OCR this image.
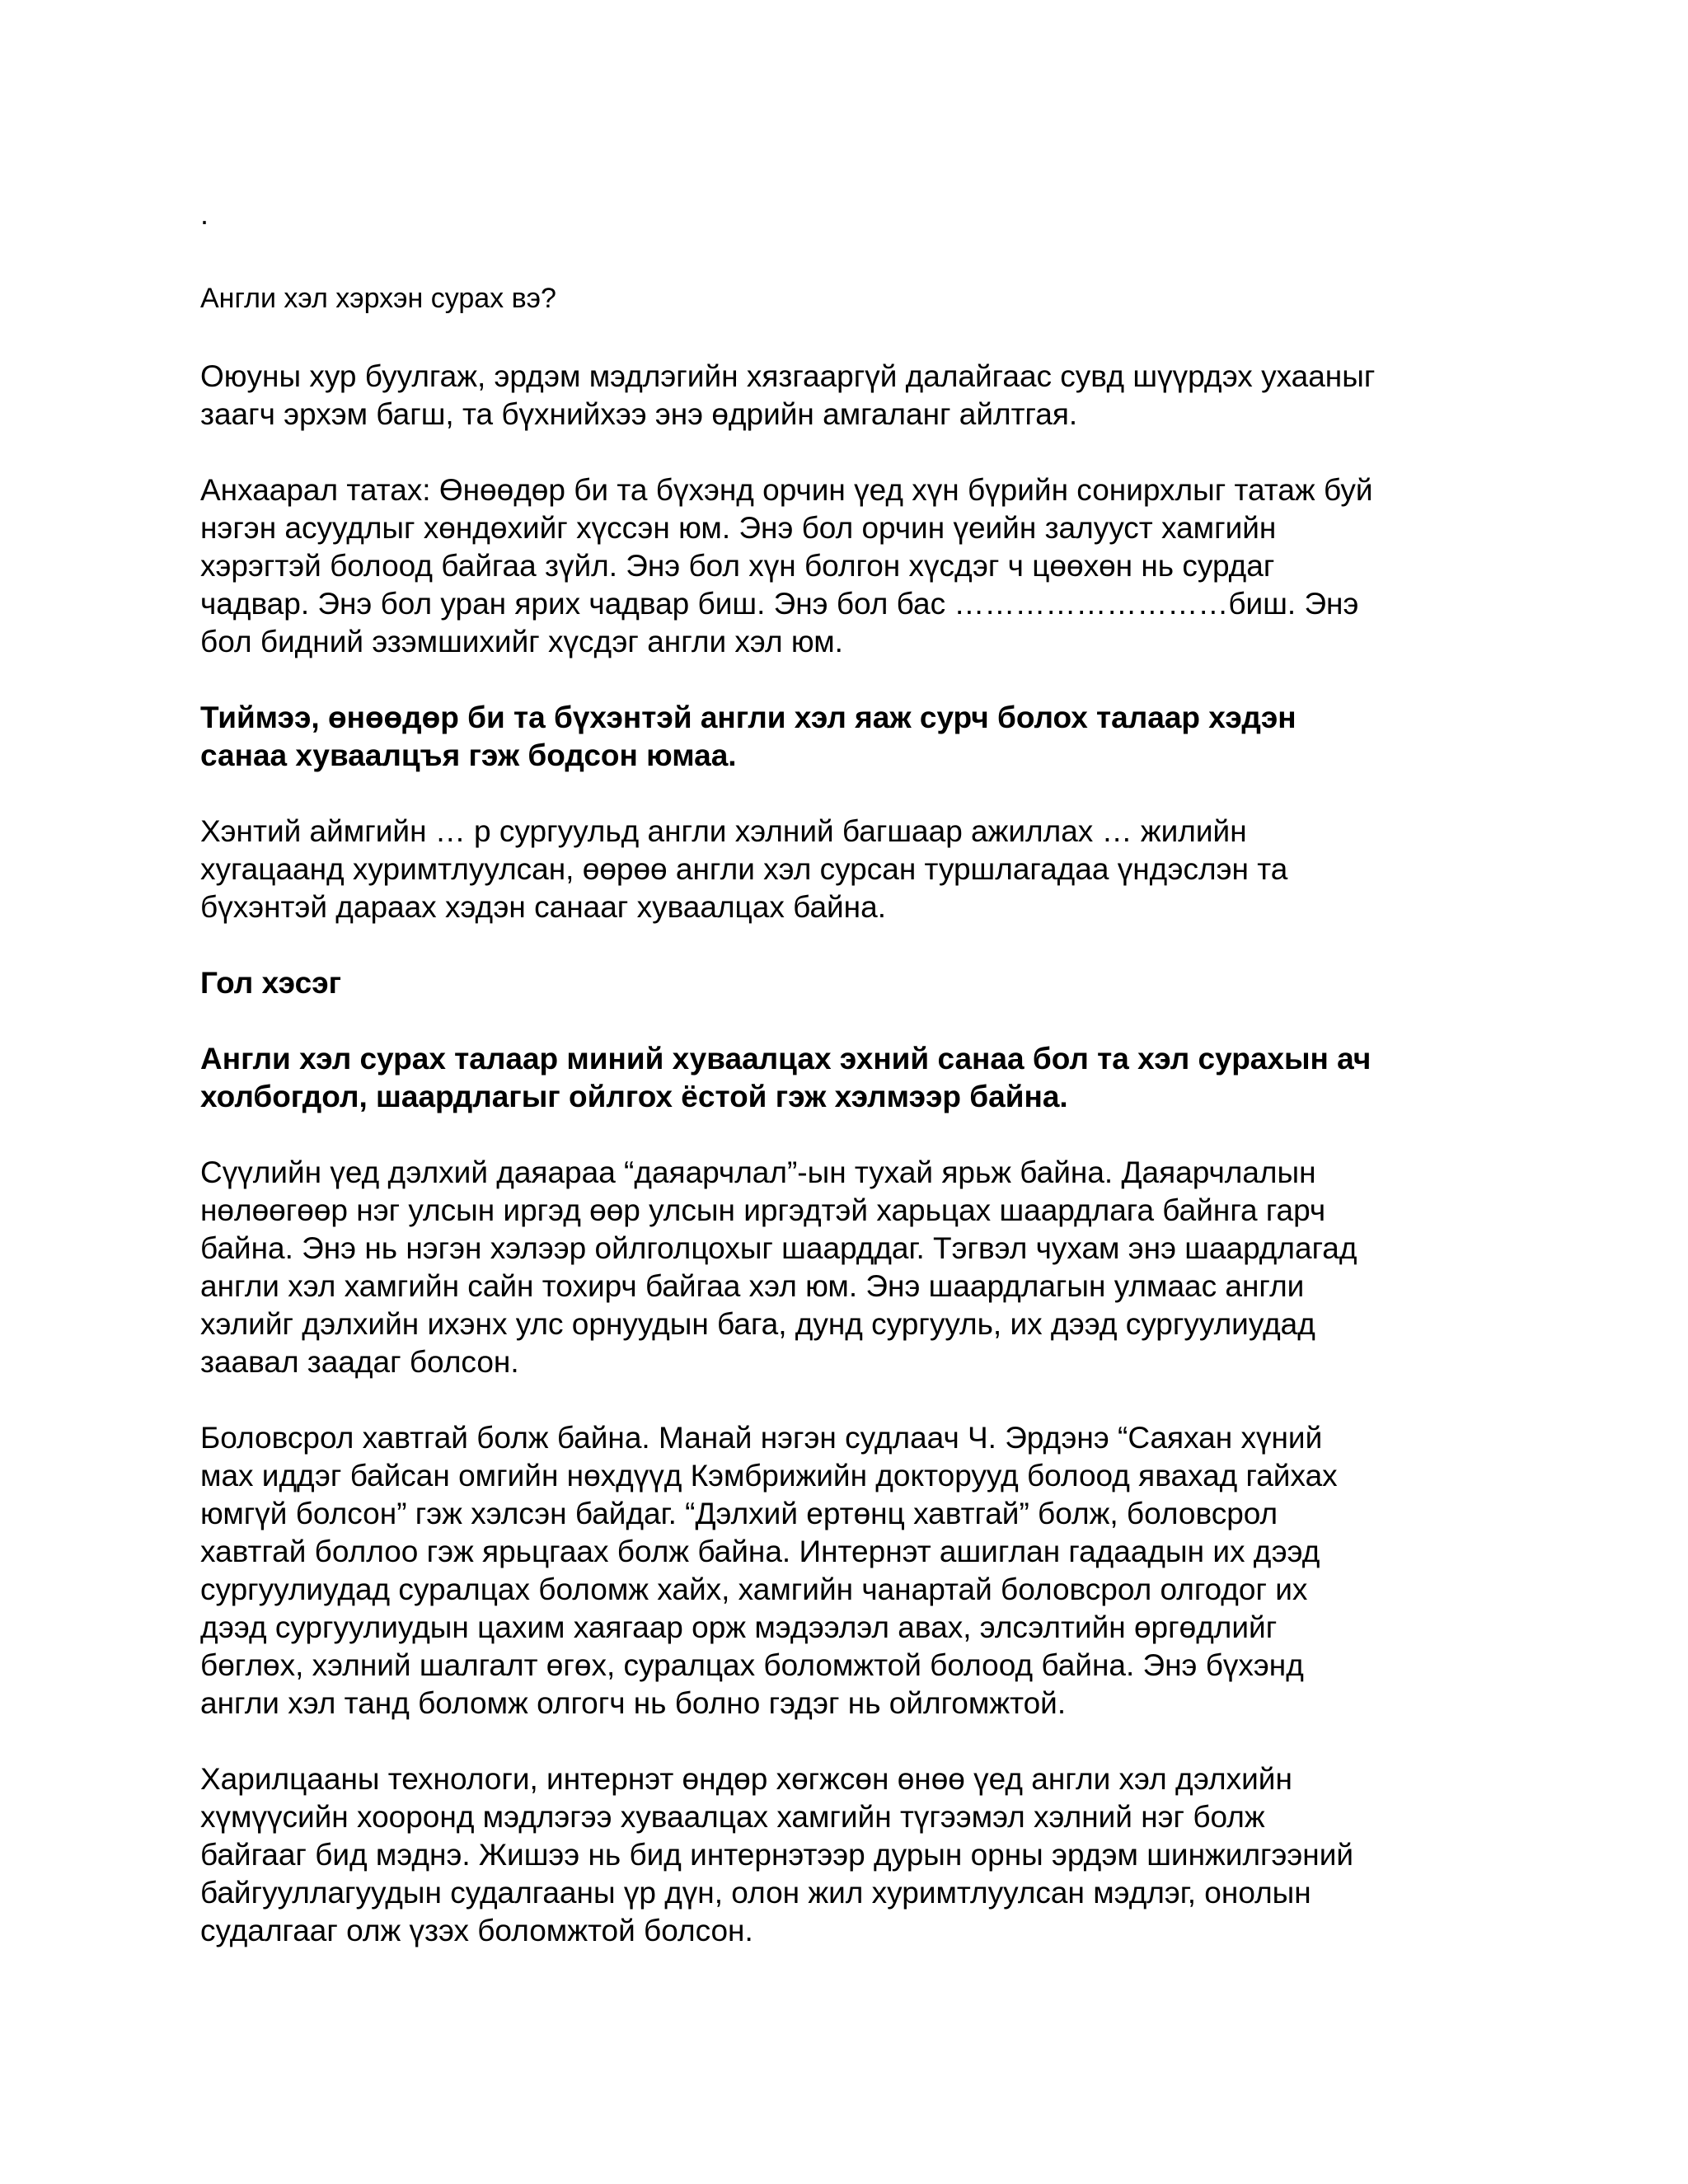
.
Англи хэл хэрхэн сурах вэ?
Оюуны хур буулгаж, эрдэм мэдлэгийн хязгааргүй далайгаас сувд шүүрдэх ухааныг
заагч эрхэм багш, та бүхнийхээ энэ өдрийн амгаланг айлтгая.
Анхаарал татах: Өнөөдөр би та бүхэнд орчин үед хүн бүрийн сонирхлыг татаж буй
нэгэн асуудлыг хөндөхийг хүссэн юм. Энэ бол орчин үеийн залууст хамгийн
хэрэгтэй болоод байгаа зүйл. Энэ бол хүн болгон хүсдэг ч цөөхөн нь сурдаг
чадвар. Энэ бол уран ярих чадвар биш. Энэ бол бас ………………………биш. Энэ
бол бидний эзэмшихийг хүсдэг англи хэл юм.
Тиймээ, өнөөдөр би та бүхэнтэй англи хэл яаж сурч болох талаар хэдэн
санаа хуваалцъя гэж бодсон юмаа.
Хэнтий аймгийн … р сургуульд англи хэлний багшаар ажиллах … жилийн
хугацаанд хуримтлуулсан, өөрөө англи хэл сурсан туршлагадаа үндэслэн та
бүхэнтэй дараах хэдэн санааг хуваалцах байна.
Гол хэсэг
Англи хэл сурах талаар миний хуваалцах эхний санаа бол та хэл сурахын ач
холбогдол, шаардлагыг ойлгох ёстой гэж хэлмээр байна.
Сүүлийн үед дэлхий даяараа “даяарчлал”-ын тухай ярьж байна. Даяарчлалын
нөлөөгөөр нэг улсын иргэд өөр улсын иргэдтэй харьцах шаардлага байнга гарч
байна. Энэ нь нэгэн хэлээр ойлголцохыг шаарддаг. Тэгвэл чухам энэ шаардлагад
англи хэл хамгийн сайн тохирч байгаа хэл юм. Энэ шаардлагын улмаас англи
хэлийг дэлхийн ихэнх улс орнуудын бага, дунд сургууль, их дээд сургуулиудад
заавал заадаг болсон.
Боловсрол хавтгай болж байна. Манай нэгэн судлаач Ч. Эрдэнэ “Саяхан хүний
мах иддэг байсан омгийн нөхдүүд Кэмбрижийн докторууд болоод явахад гайхах
юмгүй болсон” гэж хэлсэн байдаг. “Дэлхий ертөнц хавтгай” болж, боловсрол
хавтгай боллоо гэж ярьцгаах болж байна. Интернэт ашиглан гадаадын их дээд
сургуулиудад суралцах боломж хайх, хамгийн чанартай боловсрол олгодог их
дээд сургуулиудын цахим хаягаар орж мэдээлэл авах, элсэлтийн өргөдлийг
бөглөх, хэлний шалгалт өгөх, суралцах боломжтой болоод байна. Энэ бүхэнд
англи хэл танд боломж олгогч нь болно гэдэг нь ойлгомжтой.
Харилцааны технологи, интернэт өндөр хөгжсөн өнөө үед англи хэл дэлхийн
хүмүүсийн хооронд мэдлэгээ хуваалцах хамгийн түгээмэл хэлний нэг болж
байгааг бид мэднэ. Жишээ нь бид интернэтээр дурын орны эрдэм шинжилгээний
байгууллагуудын судалгааны үр дүн, олон жил хуримтлуулсан мэдлэг, онолын
судалгааг олж үзэх боломжтой болсон.
